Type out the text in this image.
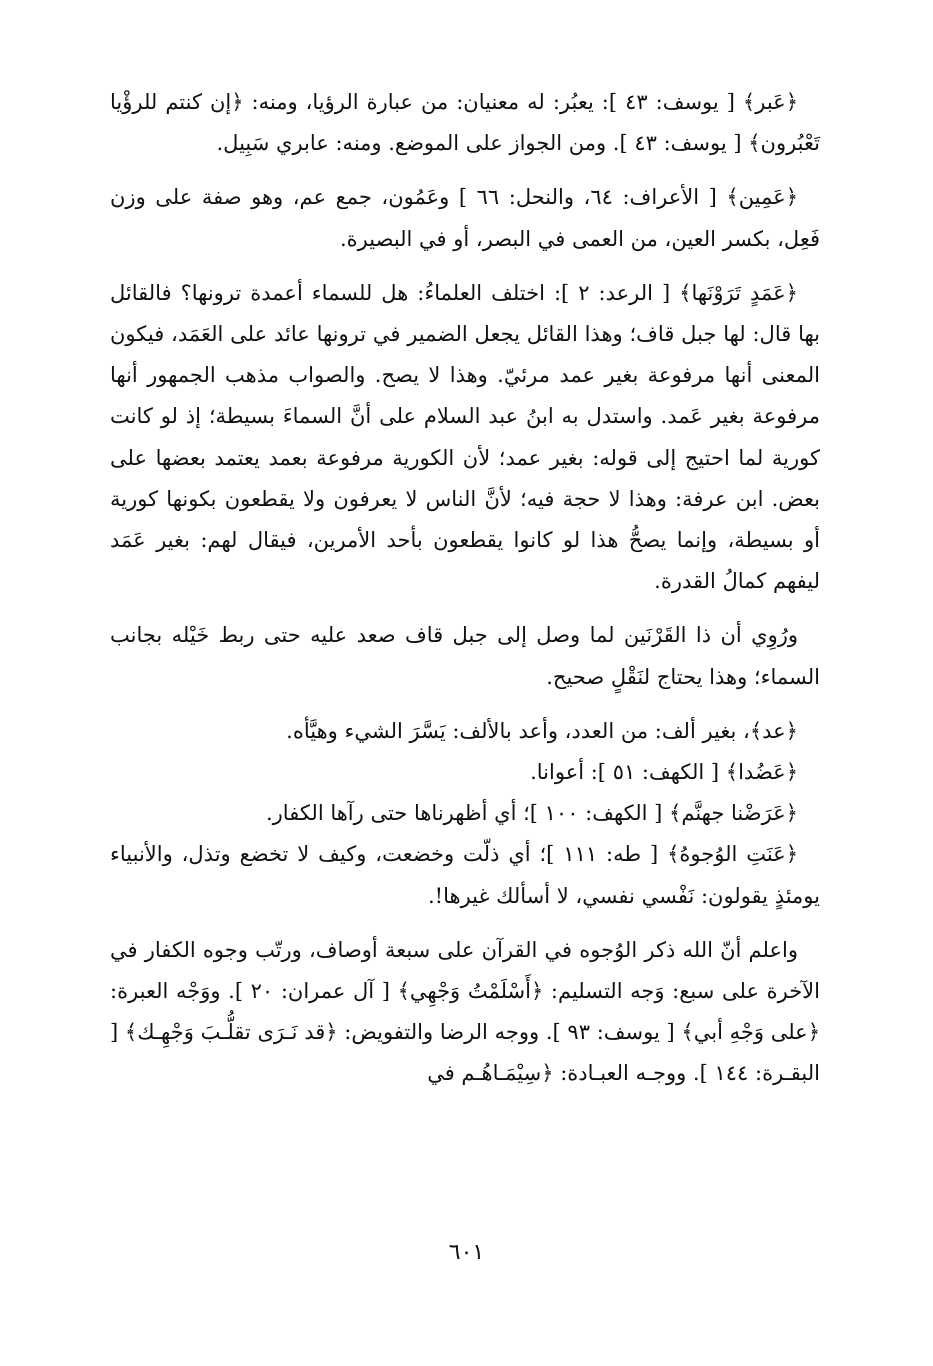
﴿عَبر﴾ [ يوسف: ٤٣ ]: يعبُر: له معنيان: من عبارة الرؤيا، ومنه: ﴿إن كنتم للرؤْيا تَعْبُرون﴾ [ يوسف: ٤٣ ]. ومن الجواز على الموضع. ومنه: عابري سَبِيل.

﴿عَمِين﴾ [ الأعراف: ٦٤، والنحل: ٦٦ ] وعَمُون، جمع عم، وهو صفة على وزن فَعِل، بكسر العين، من العمى في البصر، أو في البصيرة.

﴿عَمَدٍ تَرَوْنَها﴾ [ الرعد: ٢ ]: اختلف العلماءُ: هل للسماء أعمدة ترونها؟ فالقائل بها قال: لها جبل قاف؛ وهذا القائل يجعل الضمير في ترونها عائد على العَمَد، فيكون المعنى أنها مرفوعة بغير عمد مرئيّ. وهذا لا يصح. والصواب مذهب الجمهور أنها مرفوعة بغير عَمد. واستدل به ابنُ عبد السلام على أنَّ السماءَ بسيطة؛ إذ لو كانت كورية لما احتيج إلى قوله: بغير عمد؛ لأن الكورية مرفوعة بعمد يعتمد بعضها على بعض. ابن عرفة: وهذا لا حجة فيه؛ لأنَّ الناس لا يعرفون ولا يقطعون بكونها كورية أو بسيطة، وإنما يصحُّ هذا لو كانوا يقطعون بأحد الأمرين، فيقال لهم: بغير عَمَد ليفهم كمالُ القدرة.

ورُوِي أن ذا القَرْنَين لما وصل إلى جبل قاف صعد عليه حتى ربط خَيْله بجانب السماء؛ وهذا يحتاج لنَقْلٍ صحيح.

﴿عد﴾، بغير ألف: من العدد، وأعد بالألف: يَسَّرَ الشيء وهيَّأه.

﴿عَضُدا﴾ [ الكهف: ٥١ ]: أعوانا.

﴿عَرَضْنا جهنَّم﴾ [ الكهف: ١٠٠ ]؛ أي أظهرناها حتى رآها الكفار.

﴿عَنَتِ الوُجوهُ﴾ [ طه: ١١١ ]؛ أي ذلّت وخضعت، وكيف لا تخضع وتذل، والأنبياء يومئذٍ يقولون: نَفْسي نفسي، لا أسألك غيرها!.

واعلم أنّ الله ذكر الوُجوه في القرآن على سبعة أوصاف، ورتّب وجوه الكفار في الآخرة على سبع: وَجه التسليم: ﴿أَسْلَمْتُ وَجْهِي﴾ [ آل عمران: ٢٠ ]. ووَجْه العبرة: ﴿على وَجْهِ أبي﴾ [ يوسف: ٩٣ ]. ووجه الرضا والتفويض: ﴿قد نَـرَى تقلُّـبَ وَجْهِـك﴾ [ البقـرة: ١٤٤ ]. ووجـه العبـادة: ﴿سِيْمَـاهُـم في

٦٠١
